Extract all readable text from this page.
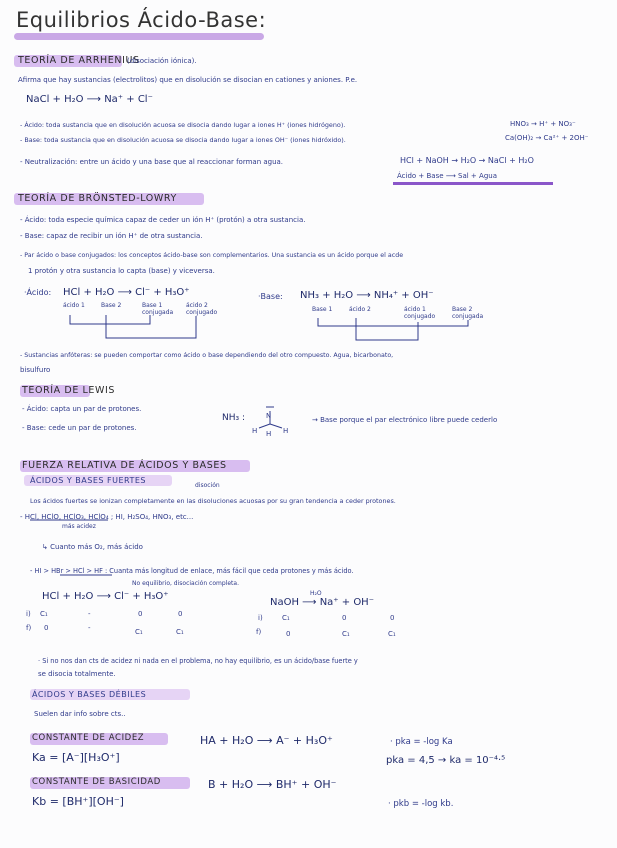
Equilibrios Ácido-Base:
TEORÍA DE ARRHENIUS
(disociación iónica).
Afirma que hay sustancias (electrolitos) que en disolución se disocian en cationes y aniones. P.e.
NaCl + H₂O ⟶ Na⁺ + Cl⁻
- Ácido: toda sustancia que en disolución acuosa se disocia dando lugar a iones H⁺ (iones hidrógeno).	HNO₃ → H⁺ + NO₃⁻
- Base: toda sustancia que en disolución acuosa se disocia dando lugar a iones OH⁻ (iones hidróxido).	Ca(OH)₂ → Ca²⁺ + 2OH⁻
- Neutralización: entre un ácido y una base que al reaccionar forman agua.	HCl + NaOH → H₂O → NaCl + H₂O
Ácido + Base ⟶ Sal + Agua
TEORÍA DE BRÖNSTED-LOWRY
- Ácido: toda especie química capaz de ceder un ión H⁺ (protón) a otra sustancia.
- Base: capaz de recibir un ión H⁺ de otra sustancia.
- Par ácido o base conjugados: los conceptos ácido-base son complementarios. Una sustancia es un ácido porque el acde
1 protón y otra sustancia lo capta (base) y viceversa.
·Ácido: HCl + H₂O ⟶ Cl⁻ + H₃O⁺
ácido 1	Base 2	Base 1 conjugada
ácido 2 conjugado
·Base: NH₃ + H₂O ⟶ NH₄⁺ + OH⁻
Base 1	ácido 2	ácido 1 conjugado
Base 2 conjugada
- Sustancias anfóteras: se pueden comportar como ácido o base dependiendo del otro compuesto. Agua, bicarbonato,
bisulfuro
TEORÍA DE LEWIS
- Ácido: capta un par de protones.
- Base: cede un par de protones.
NH₃ :	→ Base porque el par electrónico libre puede cederlo
FUERZA RELATIVA DE ÁCIDOS Y BASES
ÁCIDOS Y BASES FUERTES
disoción
Los ácidos fuertes se ionizan completamente en las disoluciones acuosas por su gran tendencia a ceder protones.
- HCl, HClO, HClO₃, HClO₄ ; HI, H₂SO₄, HNO₃, etc...
más acidez
↳ Cuanto más O₂, más ácido
- HI > HBr > HCl > HF : Cuanta más longitud de enlace, más fácil que ceda protones y más ácido.
No equilibrio, disociación completa.
HCl + H₂O ⟶ Cl⁻ + H₃O⁺
NaOH ⟶ Na⁺ + OH⁻
H₂O
i) C₁	-	0	0
f) 0	-	C₁	C₁
i)	C₁	0	0
f)	0	C₁	C₁
· Si no nos dan cts de acidez ni nada en el problema, no hay equilibrio, es un ácido/base fuerte y
se disocia totalmente.
ÁCIDOS Y BASES DÉBILES
Suelen dar info sobre cts..
CONSTANTE DE ACIDEZ
Ka = [A⁻][H₃O⁺]
HA + H₂O ⟶ A⁻ + H₃O⁺	· pka = -log Ka
pka = 4,5 → ka = 10⁻⁴·⁵
CONSTANTE DE BASICIDAD
Kb = [BH⁺][OH⁻]
B + H₂O ⟶ BH⁺ + OH⁻
· pkb = -log kb.
N
H H H
